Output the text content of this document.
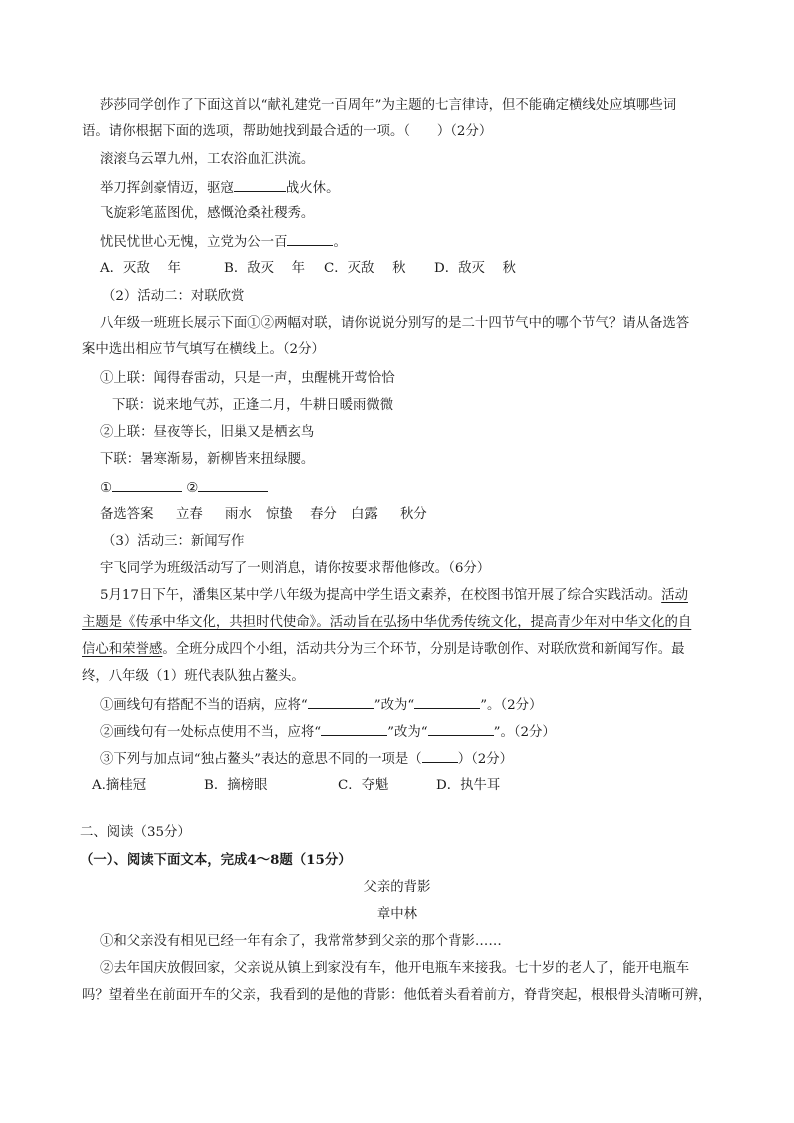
莎莎同学创作了下面这首以“献礼建党一百周年”为主题的七言律诗，但不能确定横线处应填哪些词
语。请你根据下面的选项，帮助她找到最合适的一项。（　　）（2分）
滚滚乌云罩九州，工农浴血汇洪流。
举刀挥剑豪情迈，驱寇	战火休。
飞旋彩笔蓝图优，感慨沧桑社稷秀。
忧民忧世心无愧，立党为公一百	。
A．灭敌　 年	B．敌灭　 年 C．灭敌　 秋 D．敌灭　 秋
（2）活动二：对联欣赏
八年级一班班长展示下面①②两幅对联，请你说说分别写的是二十四节气中的哪个节气？请从备选答
案中选出相应节气填写在横线上。（2分）
①上联：闻得春雷动，只是一声，虫醒桃开莺恰恰
下联：说来地气苏，正逢二月，牛耕日暖雨微微
②上联：昼夜等长，旧巢又是栖玄鸟
下联：暑寒渐易，新柳皆来扭绿腰。
①	②
备选答案 立春 雨水 惊蛰 春分 白露 秋分
（3）活动三：新闻写作
宇飞同学为班级活动写了一则消息，请你按要求帮他修改。（6分）
5月17日下午，潘集区某中学八年级为提高中学生语文素养，在校图书馆开展了综合实践活动。活动
主题是《传承中华文化，共担时代使命》。活动旨在弘扬中华优秀传统文化，提高青少年对中华文化的自
信心和荣誉感。全班分成四个小组，活动共分为三个环节，分别是诗歌创作、对联欣赏和新闻写作。最
终，八年级（1）班代表队独占鳌头。
①画线句有搭配不当的语病，应将“	”改为“	”。（2分）
②画线句有一处标点使用不当，应将“	”改为“	”。（2分）
③下列与加点词“独占鳌头”表达的意思不同的一项是（	）（2分）
A.摘桂冠	B．摘榜眼	C．夺魁	D．执牛耳
二、阅读（35分）
（一）、阅读下面文本，完成4～8题（15分）
父亲的背影
章中林
①和父亲没有相见已经一年有余了，我常常梦到父亲的那个背影……
②去年国庆放假回家，父亲说从镇上到家没有车，他开电瓶车来接我。七十岁的老人了，能开电瓶车
吗？望着坐在前面开车的父亲，我看到的是他的背影：他低着头看着前方，脊背突起，根根骨头清晰可辨，
